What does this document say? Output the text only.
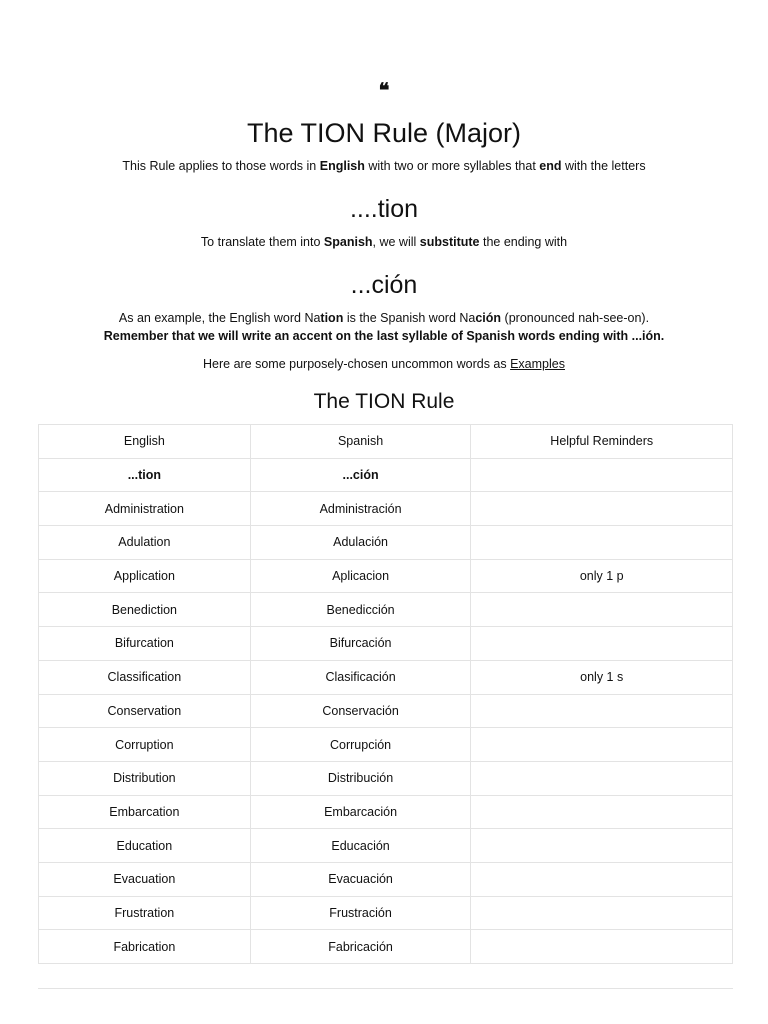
❝
The TION Rule (Major)

This Rule applies to those words in English with two or more syllables that end with the letters

....tion

To translate them into Spanish, we will substitute the ending with

...ción

As an example, the English word Nation is the Spanish word Nación (pronounced nah-see-on).

Remember that we will write an accent on the last syllable of Spanish words ending with ...ión.

Here are some purposely-chosen uncommon words as Examples

The TION Rule
English	Spanish	Helpful Reminders
...tion	...ción	
Administration	Administración	
Adulation	Adulación	
Application	Aplicacion	only 1 p
Benediction	Benedicción	
Bifurcation	Bifurcación	
Classification	Clasificación	only 1 s
Conservation	Conservación	
Corruption	Corrupción	
Distribution	Distribución	
Embarcation	Embarcación	
Education	Educación	
Evacuation	Evacuación	
Frustration	Frustración	
Fabrication	Fabricación	
